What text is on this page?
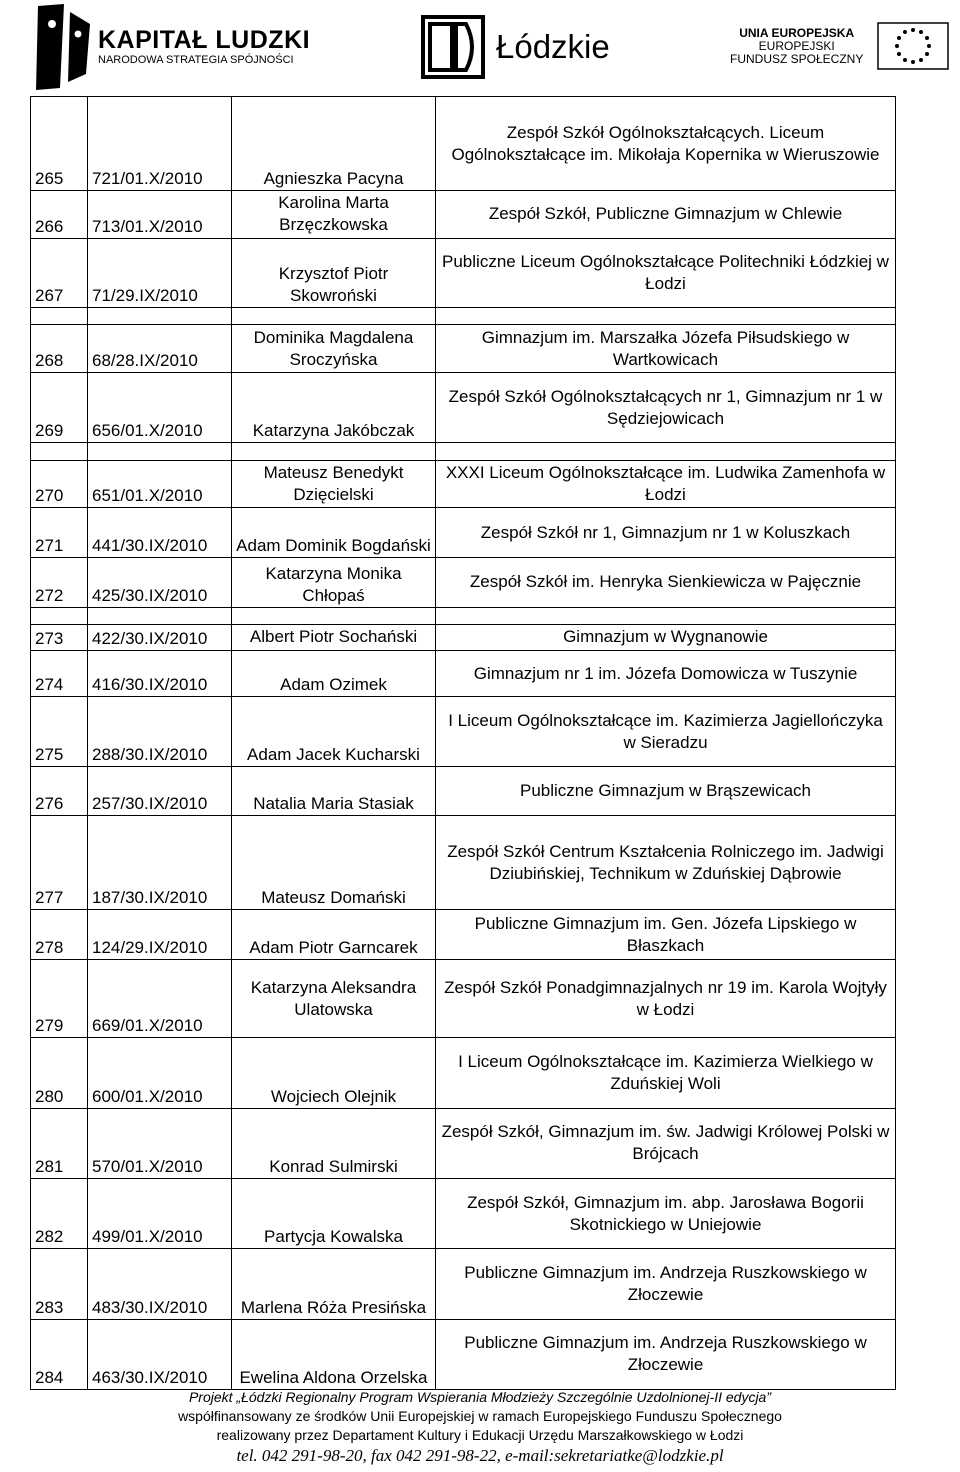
KAPITAŁ LUDZKI
NARODOWA STRATEGIA SPÓJNOŚCI	Łódzkie	UNIA EUROPEJSKA
EUROPEJSKI
FUNDUSZ SPOŁECZNY
265	721/01.X/2010	Agnieszka Pacyna	Zespół Szkół Ogólnokształcących. Liceum Ogólnokształcące im. Mikołaja Kopernika w Wieruszowie
266	713/01.X/2010	Karolina Marta Brzęczkowska	Zespół Szkół, Publiczne Gimnazjum w Chlewie
267	71/29.IX/2010	Krzysztof Piotr Skowroński	Publiczne Liceum Ogólnokształcące Politechniki Łódzkiej w Łodzi

268	68/28.IX/2010	Dominika Magdalena Sroczyńska	Gimnazjum im. Marszałka Józefa Piłsudskiego w Wartkowicach
269	656/01.X/2010	Katarzyna Jakóbczak	Zespół Szkół Ogólnokształcących nr 1, Gimnazjum nr 1 w Sędziejowicach

270	651/01.X/2010	Mateusz Benedykt Dzięcielski	XXXI Liceum Ogólnokształcące im. Ludwika Zamenhofa w Łodzi
271	441/30.IX/2010	Adam Dominik Bogdański	Zespół Szkół nr 1, Gimnazjum nr 1 w Koluszkach
272	425/30.IX/2010	Katarzyna Monika Chłopaś	Zespół Szkół im. Henryka Sienkiewicza w Pajęcznie

273	422/30.IX/2010	Albert Piotr Sochański	Gimnazjum w Wygnanowie
274	416/30.IX/2010	Adam Ozimek	Gimnazjum nr 1 im. Józefa Domowicza w Tuszynie
275	288/30.IX/2010	Adam Jacek Kucharski	I Liceum Ogólnokształcące im. Kazimierza Jagiellończyka w Sieradzu
276	257/30.IX/2010	Natalia Maria Stasiak	Publiczne Gimnazjum w Brąszewicach
277	187/30.IX/2010	Mateusz Domański	Zespół Szkół Centrum Kształcenia Rolniczego im. Jadwigi Dziubińskiej, Technikum w Zduńskiej Dąbrowie
278	124/29.IX/2010	Adam Piotr Garncarek	Publiczne Gimnazjum im. Gen. Józefa Lipskiego w Błaszkach
279	669/01.X/2010	Katarzyna Aleksandra Ulatowska	Zespół Szkół Ponadgimnazjalnych nr 19 im. Karola Wojtyły w Łodzi
280	600/01.X/2010	Wojciech Olejnik	I Liceum Ogólnokształcące im. Kazimierza Wielkiego w Zduńskiej Woli
281	570/01.X/2010	Konrad Sulmirski	Zespół Szkół, Gimnazjum im. św. Jadwigi Królowej Polski w Brójcach
282	499/01.X/2010	Partycja Kowalska	Zespół Szkół, Gimnazjum im. abp. Jarosława Bogorii Skotnickiego w Uniejowie
283	483/30.IX/2010	Marlena Róża Presińska	Publiczne Gimnazjum im. Andrzeja Ruszkowskiego w Złoczewie
284	463/30.IX/2010	Ewelina Aldona Orzelska	Publiczne Gimnazjum im. Andrzeja Ruszkowskiego w Złoczewie
Projekt „Łódzki Regionalny Program Wspierania Młodzieży Szczególnie Uzdolnionej-II edycja”
współfinansowany ze środków Unii Europejskiej w ramach Europejskiego Funduszu Społecznego
realizowany przez Departament Kultury i Edukacji Urzędu Marszałkowskiego w Łodzi
tel. 042 291-98-20, fax 042 291-98-22, e-mail:sekretariatke@lodzkie.pl
